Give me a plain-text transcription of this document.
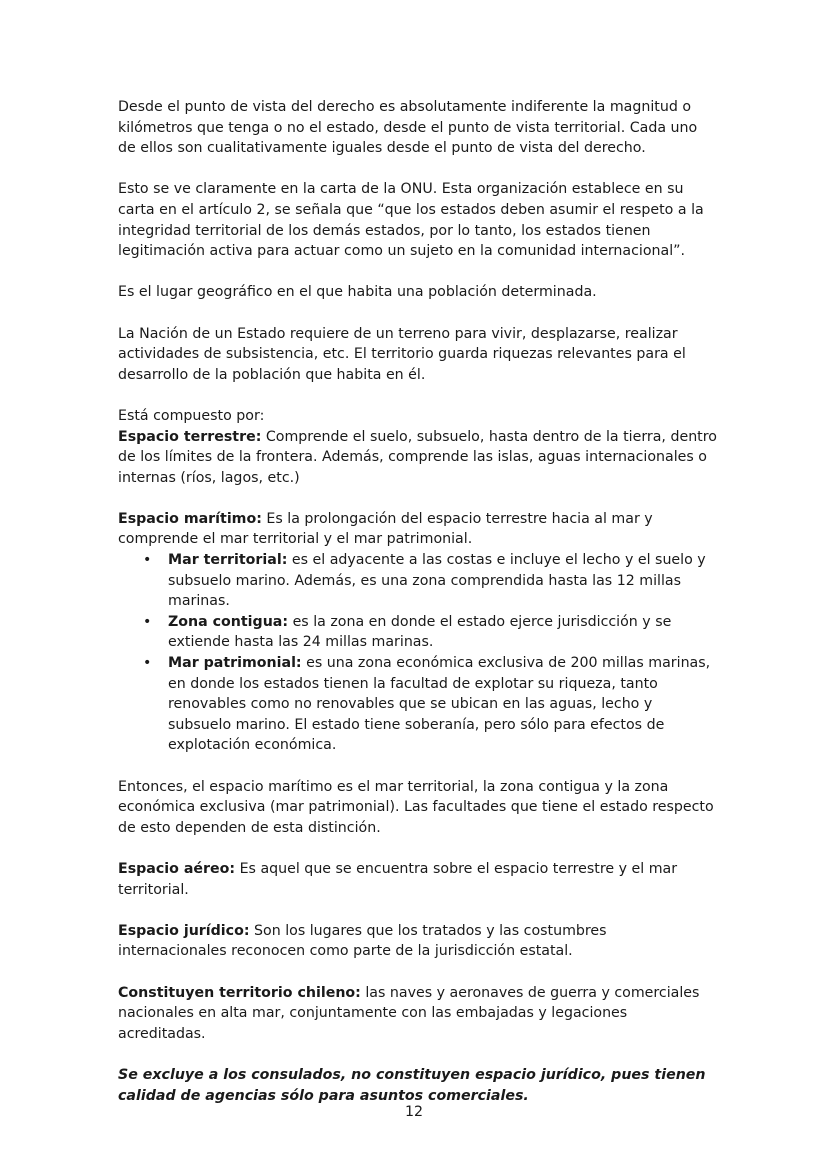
Desde el punto de vista del derecho es absolutamente indiferente la magnitud o kilómetros que tenga o no el estado, desde el punto de vista territorial. Cada uno de ellos son cualitativamente iguales desde el punto de vista del derecho.

Esto se ve claramente en la carta de la ONU. Esta organización establece en su carta en el artículo 2, se señala que “que los estados deben asumir el respeto a la integridad territorial de los demás estados, por lo tanto, los estados tienen legitimación activa para actuar como un sujeto en la comunidad internacional”.

Es el lugar geográfico en el que habita una población determinada.

La Nación de un Estado requiere de un terreno para vivir, desplazarse, realizar actividades de subsistencia, etc. El territorio guarda riquezas relevantes para el desarrollo de la población que habita en él.

Está compuesto por:

Espacio terrestre: Comprende el suelo, subsuelo, hasta dentro de la tierra, dentro de los límites de la frontera. Además, comprende las islas, aguas internacionales o internas (ríos, lagos, etc.)

Espacio marítimo: Es la prolongación del espacio terrestre hacia al mar y comprende el mar territorial y el mar patrimonial.

• Mar territorial: es el adyacente a las costas e incluye el lecho y el suelo y subsuelo marino. Además, es una zona comprendida hasta las 12 millas marinas.
• Zona contigua: es la zona en donde el estado ejerce jurisdicción y se extiende hasta las 24 millas marinas.
• Mar patrimonial: es una zona económica exclusiva de 200 millas marinas, en donde los estados tienen la facultad de explotar su riqueza, tanto renovables como no renovables que se ubican en las aguas, lecho y subsuelo marino. El estado tiene soberanía, pero sólo para efectos de explotación económica.

Entonces, el espacio marítimo es el mar territorial, la zona contigua y la zona económica exclusiva (mar patrimonial). Las facultades que tiene el estado respecto de esto dependen de esta distinción.

Espacio aéreo: Es aquel que se encuentra sobre el espacio terrestre y el mar territorial.

Espacio jurídico: Son los lugares que los tratados y las costumbres internacionales reconocen como parte de la jurisdicción estatal.

Constituyen territorio chileno: las naves y aeronaves de guerra y comerciales nacionales en alta mar, conjuntamente con las embajadas y legaciones acreditadas.

Se excluye a los consulados, no constituyen espacio jurídico, pues tienen calidad de agencias sólo para asuntos comerciales.

12
